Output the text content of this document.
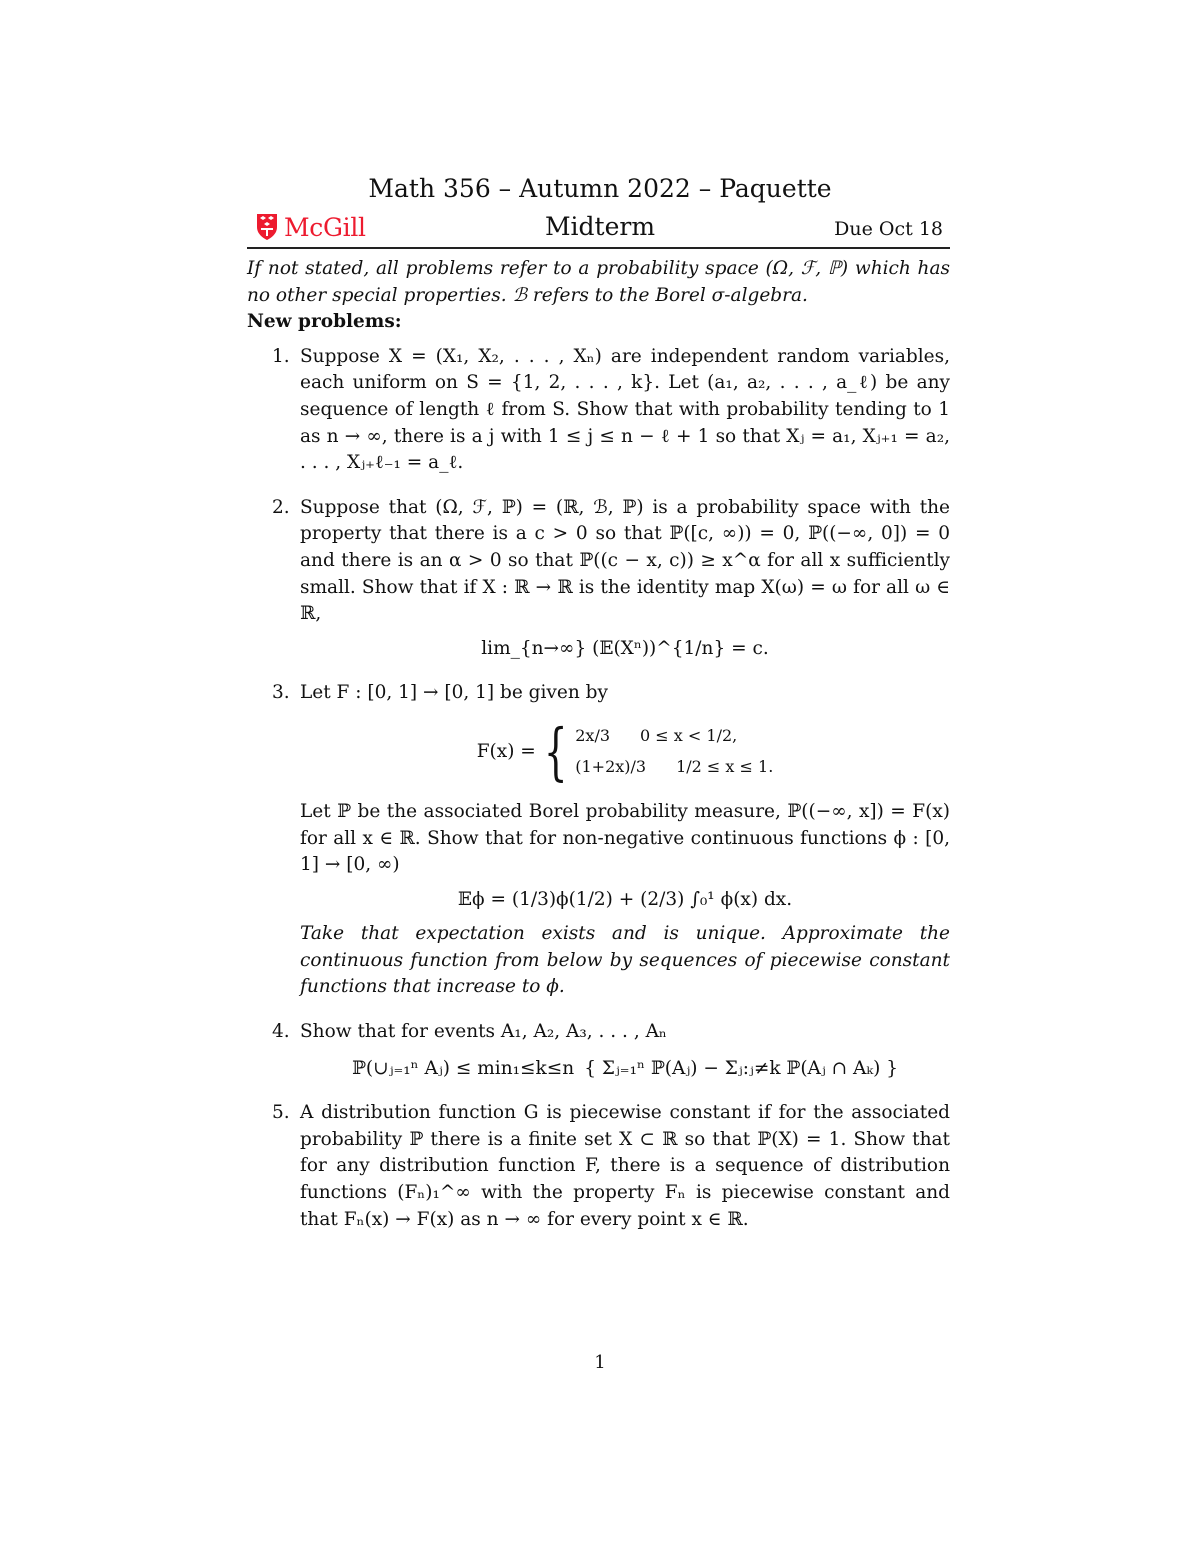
Math 356 – Autumn 2022 – Paquette
McGill	Midterm	Due Oct 18

If not stated, all problems refer to a probability space (Ω, ℱ, ℙ) which has no other special properties. ℬ refers to the Borel σ-algebra.

New problems:
1. Suppose X = (X₁, X₂, . . . , Xₙ) are independent random variables, each uniform on S = {1, 2, . . . , k}. Let (a₁, a₂, . . . , a_ℓ) be any sequence of length ℓ from S. Show that with probability tending to 1 as n → ∞, there is a j with 1 ≤ j ≤ n − ℓ + 1 so that Xⱼ = a₁, Xⱼ₊₁ = a₂, . . . , Xⱼ₊ℓ₋₁ = a_ℓ.

2. Suppose that (Ω, ℱ, ℙ) = (ℝ, ℬ, ℙ) is a probability space with the property that there is a c > 0 so that ℙ([c, ∞)) = 0, ℙ((−∞, 0]) = 0 and there is an α > 0 so that ℙ((c − x, c)) ≥ x^α for all x sufficiently small. Show that if X : ℝ → ℝ is the identity map X(ω) = ω for all ω ∈ ℝ,

lim_{n→∞} (𝔼(Xⁿ))^{1/n} = c.
3. Let F : [0, 1] → [0, 1] be given by

F(x) = { 2x/3 0 ≤ x < 1/2,
(1+2x)/3 1/2 ≤ x ≤ 1.

Let ℙ be the associated Borel probability measure, ℙ((−∞, x]) = F(x) for all x ∈ ℝ. Show that for non-negative continuous functions ϕ : [0, 1] → [0, ∞)

𝔼ϕ = (1/3)ϕ(1/2) + (2/3) ∫₀¹ ϕ(x) dx.

Take that expectation exists and is unique. Approximate the continuous function from below by sequences of piecewise constant functions that increase to ϕ.

4. Show that for events A₁, A₂, A₃, . . . , Aₙ

ℙ(∪ⱼ₌₁ⁿ Aⱼ) ≤ min₁≤k≤n { Σⱼ₌₁ⁿ ℙ(Aⱼ) − Σⱼ:ⱼ≠k ℙ(Aⱼ ∩ Aₖ) }
5. A distribution function G is piecewise constant if for the associated probability ℙ there is a finite set X ⊂ ℝ so that ℙ(X) = 1. Show that for any distribution function F, there is a sequence of distribution functions (Fₙ)₁^∞ with the property Fₙ is piecewise constant and that Fₙ(x) → F(x) as n → ∞ for every point x ∈ ℝ.

1
